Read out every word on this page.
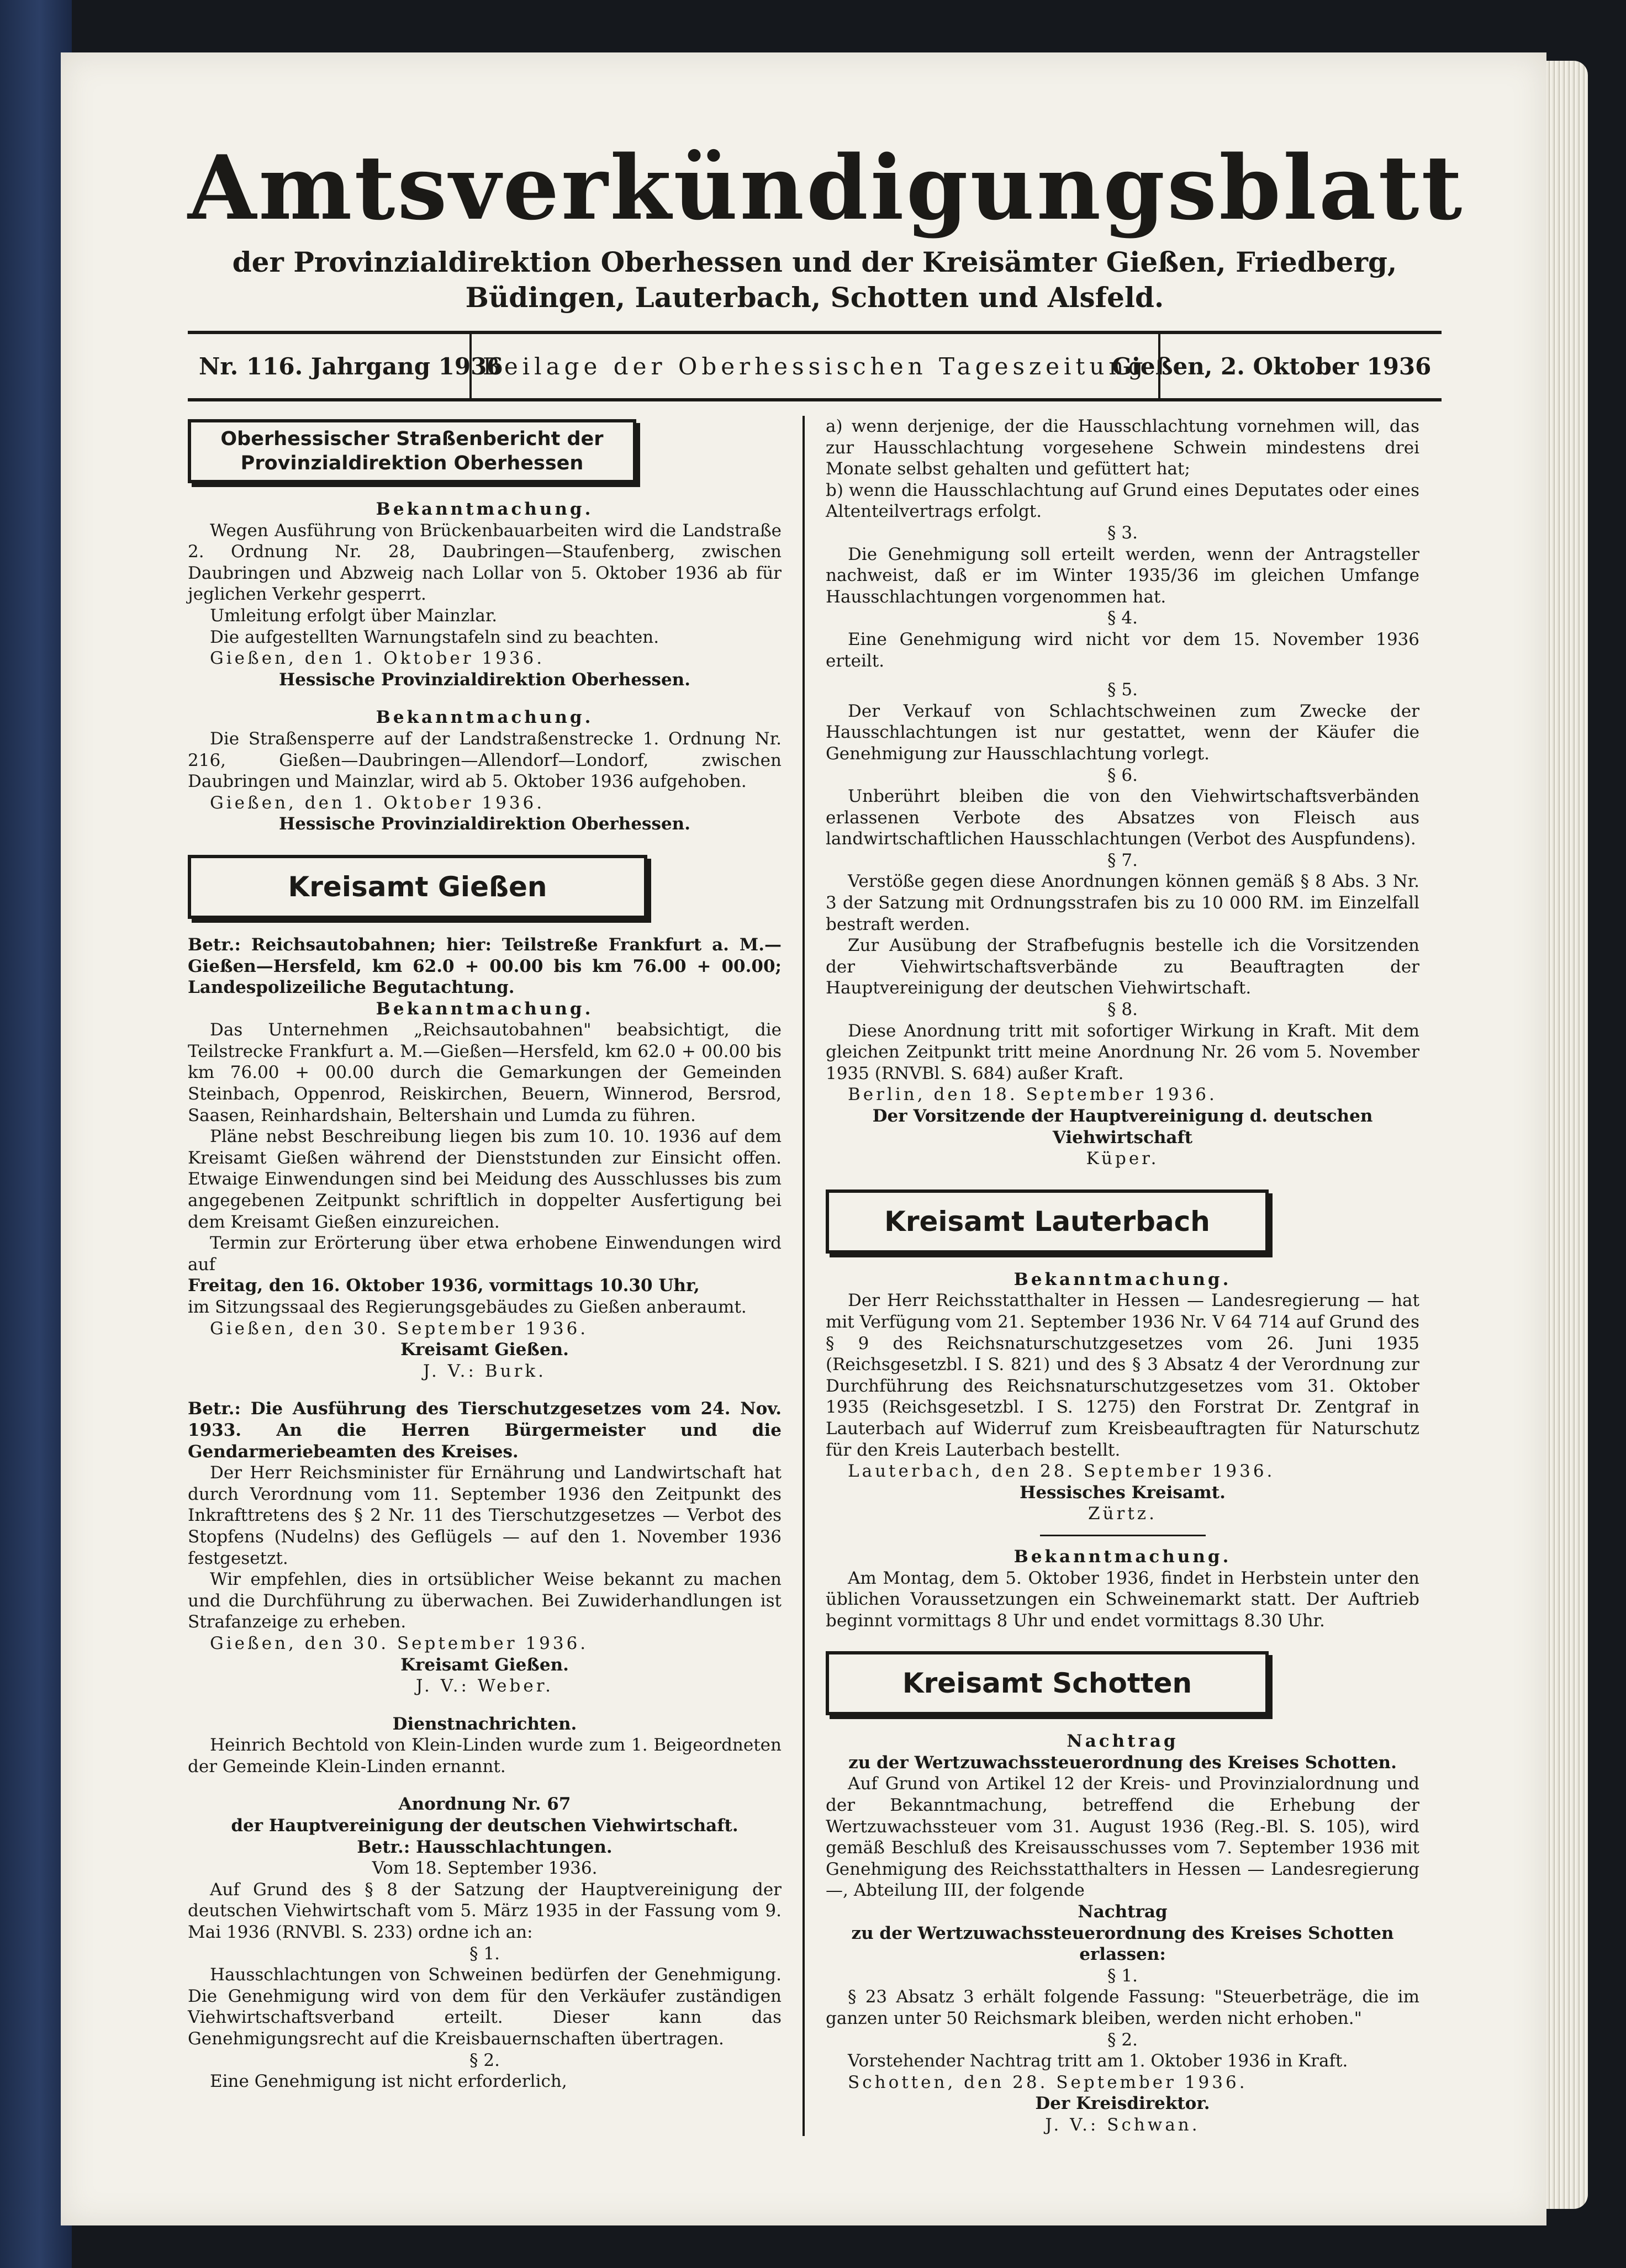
Amtsverkündigungsblatt

der Provinzialdirektion Oberhessen und der Kreisämter Gießen, Friedberg, Büdingen, Lauterbach, Schotten und Alsfeld.

Nr. 116. Jahrgang 1936
Beilage der Oberhessischen Tageszeitung
Gießen, 2. Oktober 1936
Oberhessischer Straßenbericht der Provinzialdirektion Oberhessen

Bekanntmachung.

Wegen Ausführung von Brückenbauarbeiten wird die Landstraße 2. Ordnung Nr. 28, Daubringen—Staufenberg, zwischen Daubringen und Abzweig nach Lollar von 5. Oktober 1936 ab für jeglichen Verkehr gesperrt.

Umleitung erfolgt über Mainzlar.

Die aufgestellten Warnungstafeln sind zu beachten.

Gießen, den 1. Oktober 1936.

Hessische Provinzialdirektion Oberhessen.

Bekanntmachung.

Die Straßensperre auf der Landstraßenstrecke 1. Ordnung Nr. 216, Gießen—Daubringen—Allendorf—Londorf, zwischen Daubringen und Mainzlar, wird ab 5. Oktober 1936 aufgehoben.

Gießen, den 1. Oktober 1936.

Hessische Provinzialdirektion Oberhessen.

Kreisamt Gießen

Betr.: Reichsautobahnen; hier: Teilstreße Frankfurt a. M.—Gießen—Hersfeld, km 62.0 + 00.00 bis km 76.00 + 00.00; Landespolizeiliche Begutachtung.

Bekanntmachung.

Das Unternehmen „Reichsautobahnen" beabsichtigt, die Teilstrecke Frankfurt a. M.—Gießen—Hersfeld, km 62.0 + 00.00 bis km 76.00 + 00.00 durch die Gemarkungen der Gemeinden Steinbach, Oppenrod, Reiskirchen, Beuern, Winnerod, Bersrod, Saasen, Reinhardshain, Beltershain und Lumda zu führen.

Pläne nebst Beschreibung liegen bis zum 10. 10. 1936 auf dem Kreisamt Gießen während der Dienststunden zur Einsicht offen. Etwaige Einwendungen sind bei Meidung des Ausschlusses bis zum angegebenen Zeitpunkt schriftlich in doppelter Ausfertigung bei dem Kreisamt Gießen einzureichen.

Termin zur Erörterung über etwa erhobene Einwendungen wird auf

Freitag, den 16. Oktober 1936, vormittags 10.30 Uhr,

im Sitzungssaal des Regierungsgebäudes zu Gießen anberaumt.

Gießen, den 30. September 1936.

Kreisamt Gießen.

J. V.: Burk.

Betr.: Die Ausführung des Tierschutzgesetzes vom 24. Nov. 1933. An die Herren Bürgermeister und die Gendarmeriebeamten des Kreises.

Der Herr Reichsminister für Ernährung und Landwirtschaft hat durch Verordnung vom 11. September 1936 den Zeitpunkt des Inkrafttretens des § 2 Nr. 11 des Tierschutzgesetzes — Verbot des Stopfens (Nudelns) des Geflügels — auf den 1. November 1936 festgesetzt.

Wir empfehlen, dies in ortsüblicher Weise bekannt zu machen und die Durchführung zu überwachen. Bei Zuwiderhandlungen ist Strafanzeige zu erheben.

Gießen, den 30. September 1936.

Kreisamt Gießen.

J. V.: Weber.

Dienstnachrichten.

Heinrich Bechtold von Klein-Linden wurde zum 1. Beigeordneten der Gemeinde Klein-Linden ernannt.

Anordnung Nr. 67

der Hauptvereinigung der deutschen Viehwirtschaft.

Betr.: Hausschlachtungen.

Vom 18. September 1936.

Auf Grund des § 8 der Satzung der Hauptvereinigung der deutschen Viehwirtschaft vom 5. März 1935 in der Fassung vom 9. Mai 1936 (RNVBl. S. 233) ordne ich an:

§ 1.

Hausschlachtungen von Schweinen bedürfen der Genehmigung. Die Genehmigung wird von dem für den Verkäufer zuständigen Viehwirtschaftsverband erteilt. Dieser kann das Genehmigungsrecht auf die Kreisbauernschaften übertragen.

§ 2.

Eine Genehmigung ist nicht erforderlich,

a) wenn derjenige, der die Hausschlachtung vornehmen will, das zur Hausschlachtung vorgesehene Schwein mindestens drei Monate selbst gehalten und gefüttert hat;

b) wenn die Hausschlachtung auf Grund eines Deputates oder eines Altenteilvertrags erfolgt.

§ 3.

Die Genehmigung soll erteilt werden, wenn der Antragsteller nachweist, daß er im Winter 1935/36 im gleichen Umfange Hausschlachtungen vorgenommen hat.

§ 4.

Eine Genehmigung wird nicht vor dem 15. November 1936 erteilt.

§ 5.

Der Verkauf von Schlachtschweinen zum Zwecke der Hausschlachtungen ist nur gestattet, wenn der Käufer die Genehmigung zur Hausschlachtung vorlegt.

§ 6.

Unberührt bleiben die von den Viehwirtschaftsverbänden erlassenen Verbote des Absatzes von Fleisch aus landwirtschaftlichen Hausschlachtungen (Verbot des Auspfundens).

§ 7.

Verstöße gegen diese Anordnungen können gemäß § 8 Abs. 3 Nr. 3 der Satzung mit Ordnungsstrafen bis zu 10 000 RM. im Einzelfall bestraft werden.

Zur Ausübung der Strafbefugnis bestelle ich die Vorsitzenden der Viehwirtschaftsverbände zu Beauftragten der Hauptvereinigung der deutschen Viehwirtschaft.

§ 8.

Diese Anordnung tritt mit sofortiger Wirkung in Kraft. Mit dem gleichen Zeitpunkt tritt meine Anordnung Nr. 26 vom 5. November 1935 (RNVBl. S. 684) außer Kraft.

Berlin, den 18. September 1936.

Der Vorsitzende der Hauptvereinigung d. deutschen Viehwirtschaft

Küper.

Kreisamt Lauterbach

Bekanntmachung.

Der Herr Reichsstatthalter in Hessen — Landesregierung — hat mit Verfügung vom 21. September 1936 Nr. V 64 714 auf Grund des § 9 des Reichsnaturschutzgesetzes vom 26. Juni 1935 (Reichsgesetzbl. I S. 821) und des § 3 Absatz 4 der Verordnung zur Durchführung des Reichsnaturschutzgesetzes vom 31. Oktober 1935 (Reichsgesetzbl. I S. 1275) den Forstrat Dr. Zentgraf in Lauterbach auf Widerruf zum Kreisbeauftragten für Naturschutz für den Kreis Lauterbach bestellt.

Lauterbach, den 28. September 1936.

Hessisches Kreisamt.

Zürtz.

Bekanntmachung.

Am Montag, dem 5. Oktober 1936, findet in Herbstein unter den üblichen Voraussetzungen ein Schweinemarkt statt. Der Auftrieb beginnt vormittags 8 Uhr und endet vormittags 8.30 Uhr.

Kreisamt Schotten

Nachtrag

zu der Wertzuwachssteuerordnung des Kreises Schotten.

Auf Grund von Artikel 12 der Kreis- und Provinzialordnung und der Bekanntmachung, betreffend die Erhebung der Wertzuwachssteuer vom 31. August 1936 (Reg.-Bl. S. 105), wird gemäß Beschluß des Kreisausschusses vom 7. September 1936 mit Genehmigung des Reichsstatthalters in Hessen — Landesregierung —, Abteilung III, der folgende

Nachtrag

zu der Wertzuwachssteuerordnung des Kreises Schotten erlassen:

§ 1.

§ 23 Absatz 3 erhält folgende Fassung: "Steuerbeträge, die im ganzen unter 50 Reichsmark bleiben, werden nicht erhoben."

§ 2.

Vorstehender Nachtrag tritt am 1. Oktober 1936 in Kraft.

Schotten, den 28. September 1936.

Der Kreisdirektor.

J. V.: Schwan.
